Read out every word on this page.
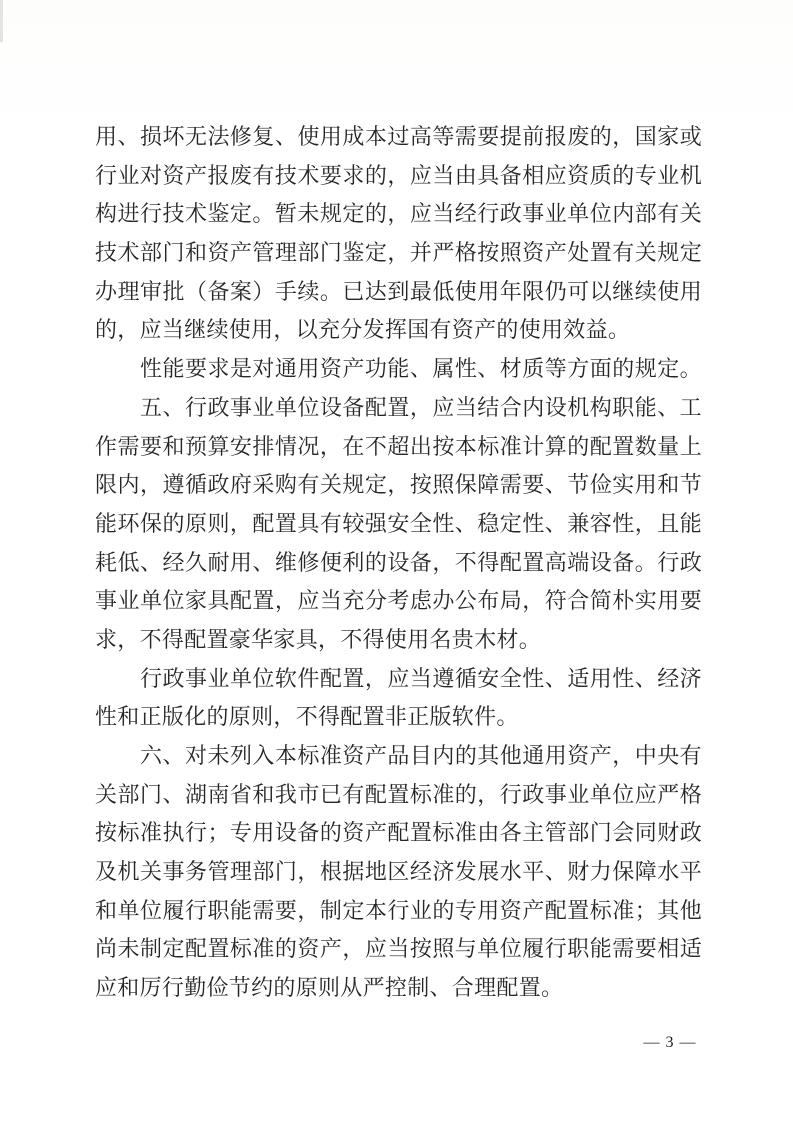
用、损坏无法修复、使用成本过高等需要提前报废的，国家或
行业对资产报废有技术要求的，应当由具备相应资质的专业机
构进行技术鉴定。暂未规定的，应当经行政事业单位内部有关
技术部门和资产管理部门鉴定，并严格按照资产处置有关规定
办理审批（备案）手续。已达到最低使用年限仍可以继续使用
的，应当继续使用，以充分发挥国有资产的使用效益。
性能要求是对通用资产功能、属性、材质等方面的规定。
五、行政事业单位设备配置，应当结合内设机构职能、工
作需要和预算安排情况，在不超出按本标准计算的配置数量上
限内，遵循政府采购有关规定，按照保障需要、节俭实用和节
能环保的原则，配置具有较强安全性、稳定性、兼容性，且能
耗低、经久耐用、维修便利的设备，不得配置高端设备。行政
事业单位家具配置，应当充分考虑办公布局，符合简朴实用要
求，不得配置豪华家具，不得使用名贵木材。
行政事业单位软件配置，应当遵循安全性、适用性、经济
性和正版化的原则，不得配置非正版软件。
六、对未列入本标准资产品目内的其他通用资产，中央有
关部门、湖南省和我市已有配置标准的，行政事业单位应严格
按标准执行；专用设备的资产配置标准由各主管部门会同财政
及机关事务管理部门，根据地区经济发展水平、财力保障水平
和单位履行职能需要，制定本行业的专用资产配置标准；其他
尚未制定配置标准的资产，应当按照与单位履行职能需要相适
应和厉行勤俭节约的原则从严控制、合理配置。
— 3 —
